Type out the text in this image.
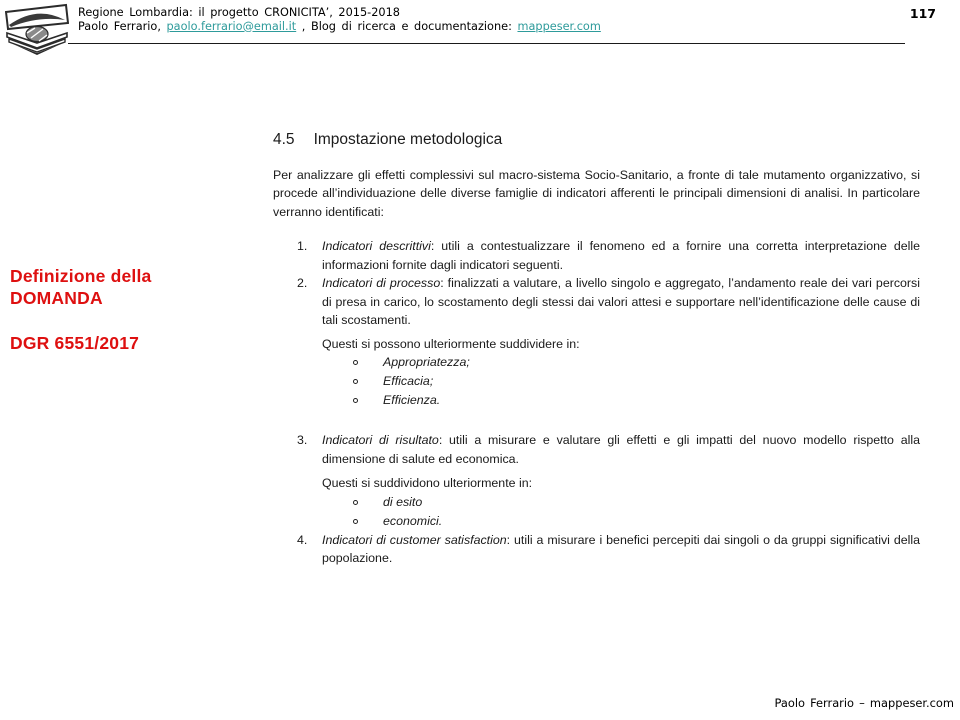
Regione Lombardia: il progetto CRONICITA’, 2015-2018
Paolo Ferrario, paolo.ferrario@email.it , Blog di ricerca e documentazione: mappeser.com
117
Definizione della
DOMANDA
DGR 6551/2017
4.5 Impostazione metodologica

Per analizzare gli effetti complessivi sul macro-sistema Socio-Sanitario, a fronte di tale mutamento organizzativo, si procede all’individuazione delle diverse famiglie di indicatori afferenti le principali dimensioni di analisi. In particolare verranno identificati:

1. Indicatori descrittivi: utili a contestualizzare il fenomeno ed a fornire una corretta interpretazione delle informazioni fornite dagli indicatori seguenti.

2. Indicatori di processo: finalizzati a valutare, a livello singolo e aggregato, l’andamento reale dei vari percorsi di presa in carico, lo scostamento degli stessi dai valori attesi e supportare nell’identificazione delle cause di tali scostamenti.

Questi si possono ulteriormente suddividere in:

Appropriatezza;
Efficacia;
Efficienza.
3. Indicatori di risultato: utili a misurare e valutare gli effetti e gli impatti del nuovo modello rispetto alla dimensione di salute ed economica.

Questi si suddividono ulteriormente in:

di esito
economici.
4. Indicatori di customer satisfaction: utili a misurare i benefici percepiti dai singoli o da gruppi significativi della popolazione.

Paolo Ferrario – mappeser.com
